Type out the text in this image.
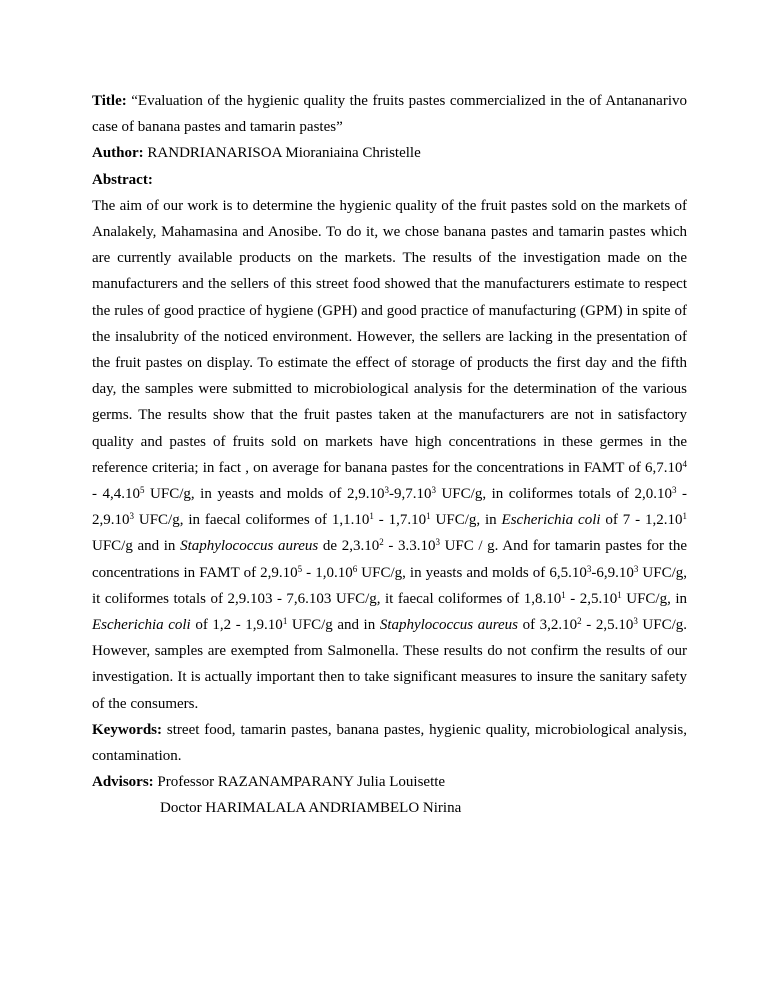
Title: “Evaluation of the hygienic quality the fruits pastes commercialized in the of Antananarivo case of banana pastes and tamarin pastes”

Author: RANDRIANARISOA Mioraniaina Christelle

Abstract:

The aim of our work is to determine the hygienic quality of the fruit pastes sold on the markets of Analakely, Mahamasina and Anosibe. To do it, we chose banana pastes and tamarin pastes which are currently available products on the markets. The results of the investigation made on the manufacturers and the sellers of this street food showed that the manufacturers estimate to respect the rules of good practice of hygiene (GPH) and good practice of manufacturing (GPM) in spite of the insalubrity of the noticed environment. However, the sellers are lacking in the presentation of the fruit pastes on display. To estimate the effect of storage of products the first day and the fifth day, the samples were submitted to microbiological analysis for the determination of the various germs. The results show that the fruit pastes taken at the manufacturers are not in satisfactory quality and pastes of fruits sold on markets have high concentrations in these germes in the reference criteria; in fact , on average for banana pastes for the concentrations in FAMT of 6,7.10$^4$ - 4,4.10$^5$ UFC/g, in yeasts and molds of 2,9.10$^3$-9,7.10$^3$ UFC/g, in coliformes totals of 2,0.10$^3$ - 2,9.10$^3$ UFC/g, in faecal coliformes of 1,1.10$^1$ - 1,7.10$^1$ UFC/g, in Escherichia coli of 7 - 1,2.10$^1$ UFC/g and in Staphylococcus aureus de 2,3.10$^2$ - 3.3.10$^3$ UFC / g. And for tamarin pastes for the concentrations in FAMT of 2,9.10$^5$ - 1,0.10$^6$ UFC/g, in yeasts and molds of 6,5.10$^3$-6,9.10$^3$ UFC/g, it coliformes totals of 2,9.103 - 7,6.103 UFC/g, it faecal coliformes of 1,8.10$^1$ - 2,5.10$^1$ UFC/g, in Escherichia coli of 1,2 - 1,9.10$^1$ UFC/g and in Staphylococcus aureus of 3,2.10$^2$ - 2,5.10$^3$ UFC/g. However, samples are exempted from Salmonella. These results do not confirm the results of our investigation. It is actually important then to take significant measures to insure the sanitary safety of the consumers.

Keywords: street food, tamarin pastes, banana pastes, hygienic quality, microbiological analysis, contamination.

Advisors: Professor RAZANAMPARANY Julia Louisette

Doctor HARIMALALA ANDRIAMBELO Nirina
